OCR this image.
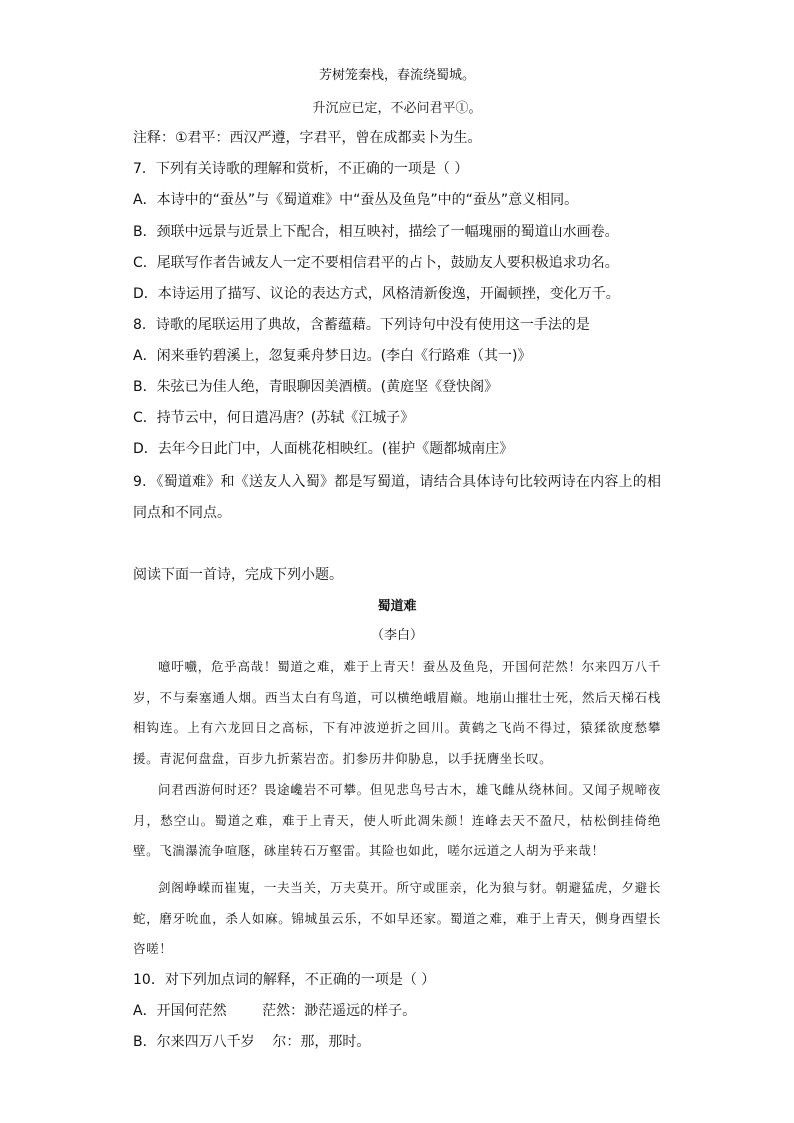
芳树笼秦栈，春流绕蜀城。
升沉应已定，不必问君平①。
注释：①君平：西汉严遵，字君平，曾在成都卖卜为生。
7．下列有关诗歌的理解和赏析，不正确的一项是（ ）
A．本诗中的“蚕丛”与《蜀道难》中“蚕丛及鱼凫”中的“蚕丛”意义相同。
B．颈联中远景与近景上下配合，相互映衬，描绘了一幅瑰丽的蜀道山水画卷。
C．尾联写作者告诫友人一定不要相信君平的占卜，鼓励友人要积极追求功名。
D．本诗运用了描写、议论的表达方式，风格清新俊逸，开阖顿挫，变化万千。
8．诗歌的尾联运用了典故，含蓄蕴藉。下列诗句中没有使用这一手法的是
A．闲来垂钓碧溪上，忽复乘舟梦日边。(李白《行路难（其一)》
B．朱弦已为佳人绝，青眼聊因美酒横。(黄庭坚《登快阁》
C．持节云中，何日遣冯唐？(苏轼《江城子》
D．去年今日此门中，人面桃花相映红。(崔护《题都城南庄》
9．《蜀道难》和《送友人入蜀》都是写蜀道，请结合具体诗句比较两诗在内容上的相同点和不同点。
阅读下面一首诗，完成下列小题。
蜀道难
（李白）
噫吁嚱，危乎高哉！蜀道之难，难于上青天！蚕丛及鱼凫，开国何茫然！尔来四万八千岁，不与秦塞通人烟。西当太白有鸟道，可以横绝峨眉巅。地崩山摧壮士死，然后天梯石栈相钩连。上有六龙回日之高标，下有冲波逆折之回川。黄鹤之飞尚不得过，猿猱欲度愁攀援。青泥何盘盘，百步九折萦岩峦。扪参历井仰胁息，以手抚膺坐长叹。
问君西游何时还？畏途巉岩不可攀。但见悲鸟号古木，雄飞雌从绕林间。又闻子规啼夜月，愁空山。蜀道之难，难于上青天，使人听此凋朱颜！连峰去天不盈尺，枯松倒挂倚绝壁。飞湍瀑流争喧豗，砯崖转石万壑雷。其险也如此，嗟尔远道之人胡为乎来哉！
剑阁峥嵘而崔嵬，一夫当关，万夫莫开。所守或匪亲，化为狼与豺。朝避猛虎，夕避长蛇，磨牙吮血，杀人如麻。锦城虽云乐，不如早还家。蜀道之难，难于上青天，侧身西望长咨嗟！
10．对下列加点词的解释，不正确的一项是（ ）
A．开国何茫然        茫然：渺茫遥远的样子。
B．尔来四万八千岁    尔：那，那时。
